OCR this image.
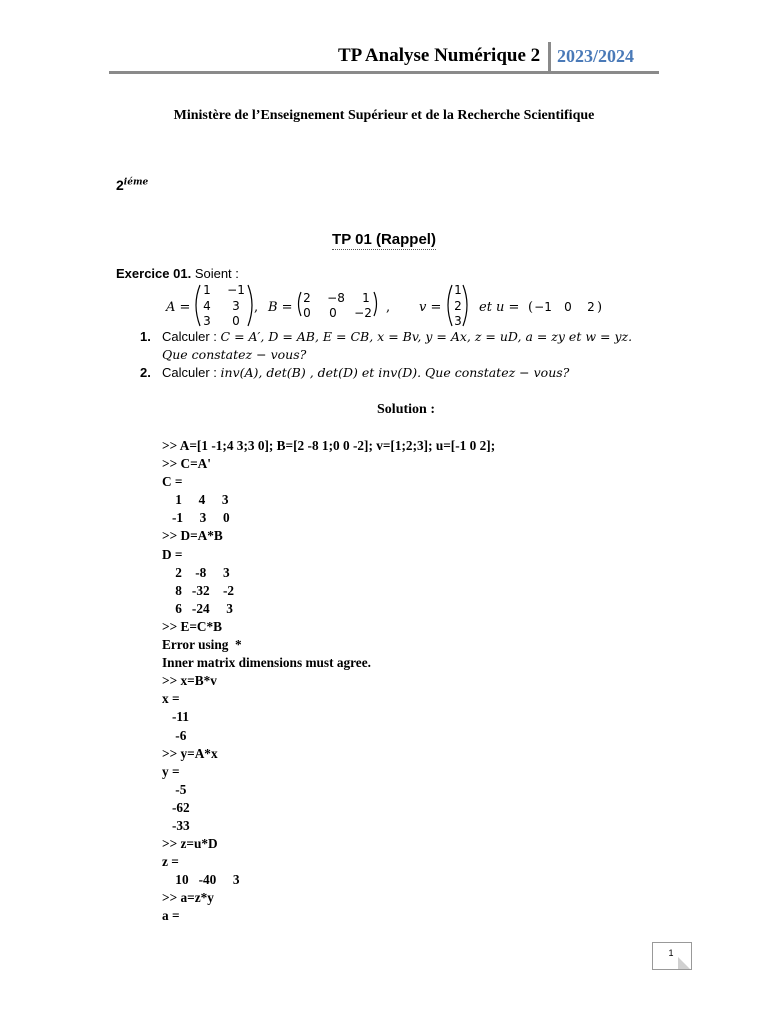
TP Analyse Numérique 2 2023/2024
Ministère de l’Enseignement Supérieur et de la Recherche Scientifique
$2^{iéme}$
TP 01 (Rappel)
Exercice 01. Soient :
A =
1 −1
4 3
3 0
, B =
2 −8 1
0 0 −2 , v =
1
2
3
et u = ( −1 0 2 )
1. Calculer : C = A′, D = AB, E = CB, x = Bv, y = Ax, z = uD, a = zy et w = yz.
Que constatez − vous?
2. Calculer : inv(A), det(B) , det(D) et inv(D). Que constatez − vous?
Solution :
>> A=[1 -1;4 3;3 0]; B=[2 -8 1;0 0 -2]; v=[1;2;3]; u=[-1 0 2];
>> C=A'
C =
1     4     3
-1     3     0
>> D=A*B
D =
2    -8     3
8   -32    -2
6   -24     3
>> E=C*B
Error using  *
Inner matrix dimensions must agree.
>> x=B*v
x =
-11
-6
>> y=A*x
y =
-5
-62
-33
>> z=u*D
z =
10   -40     3
>> a=z*y
a =
1
